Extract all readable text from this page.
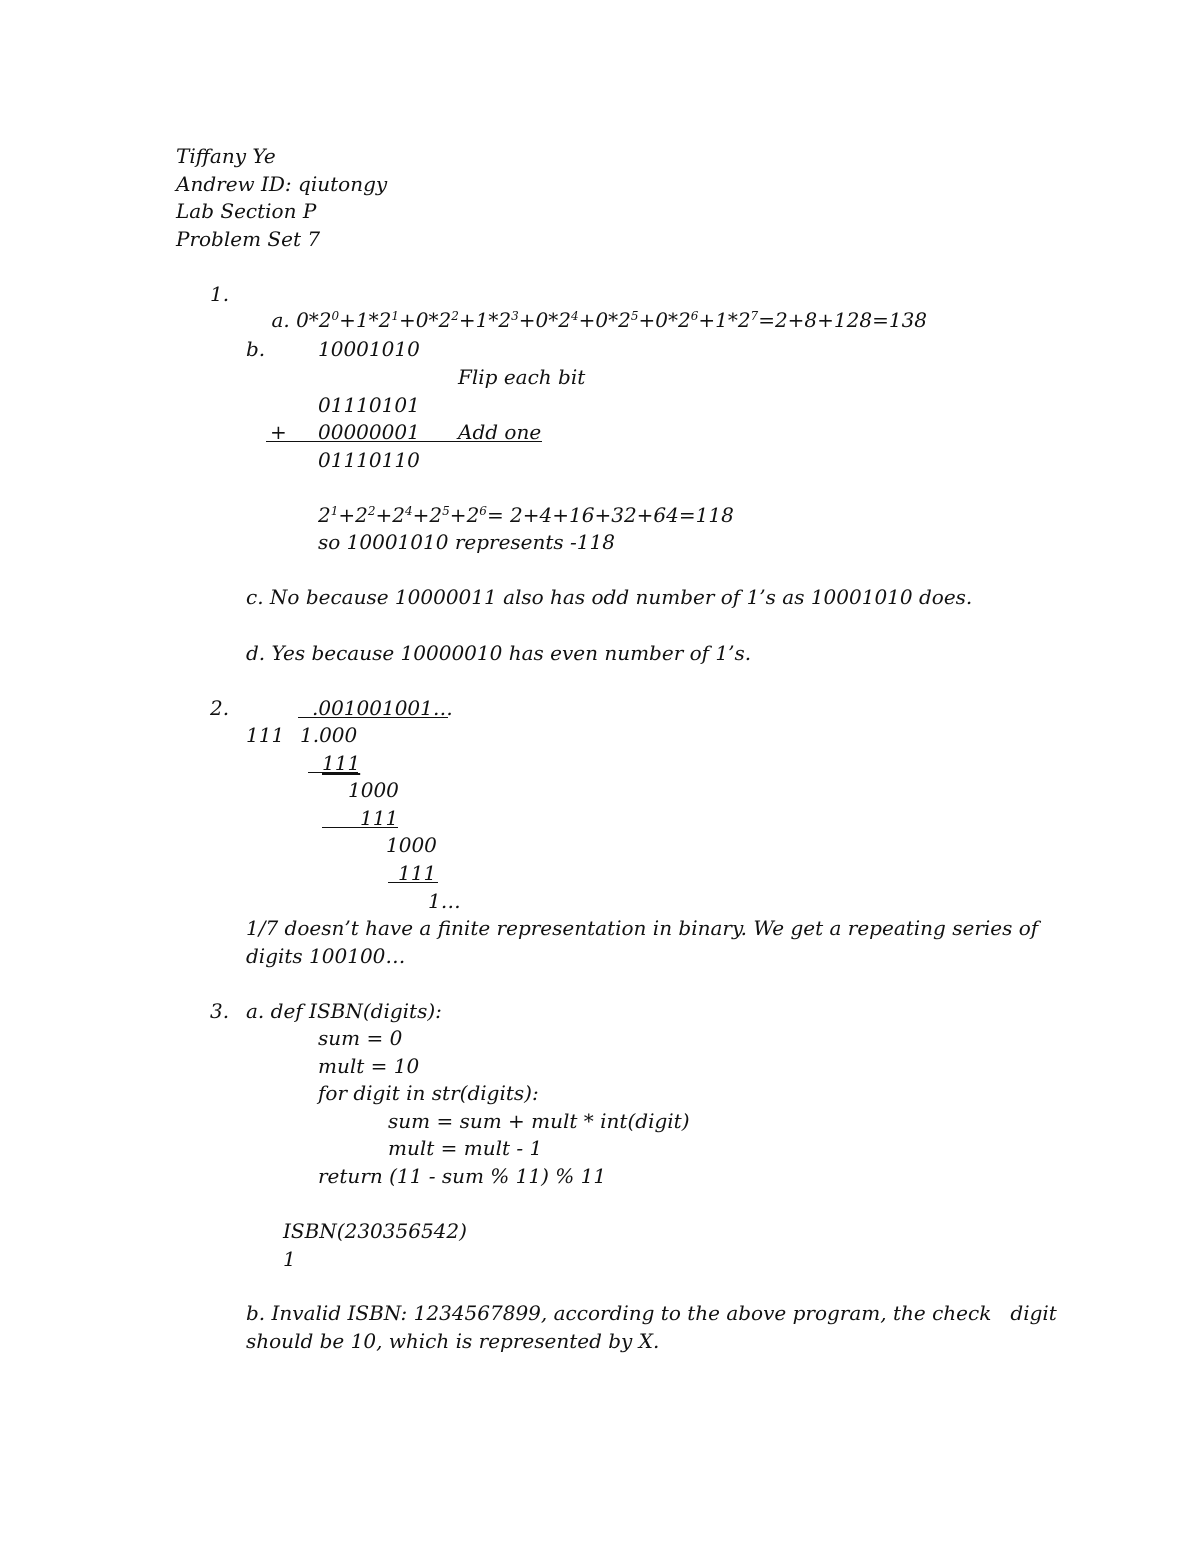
Tiffany Ye
Andrew ID: qiutongy
Lab Section P
Problem Set 7
1.

a. $0*2^0+1*2^1+0*2^2+1*2^3+0*2^4+0*2^5+0*2^6+1*2^7=2+8+128=138$

b.	10001010
Flip each bit
01110101
+ 00000001 Add one
01110110
$2^1+2^2+2^4+2^5+2^6= 2+4+16+32+64=118$
so 10001010 represents -118
c. No because 10000011 also has odd number of 1’s as 10001010 does.
d. Yes because 10000010 has even number of 1’s.
2.	.001001001…
111 1.000
111
1000
111
1000
111
1…
1/7 doesn’t have a finite representation in binary. We get a repeating series of
digits 100100…
3. a. def ISBN(digits):
sum = 0
mult = 10
for digit in str(digits):
sum = sum + mult * int(digit)
mult = mult - 1
return (11 - sum % 11) % 11
ISBN(230356542)
1
b. Invalid ISBN: 1234567899, according to the above program, the check   digit
should be 10, which is represented by X.
